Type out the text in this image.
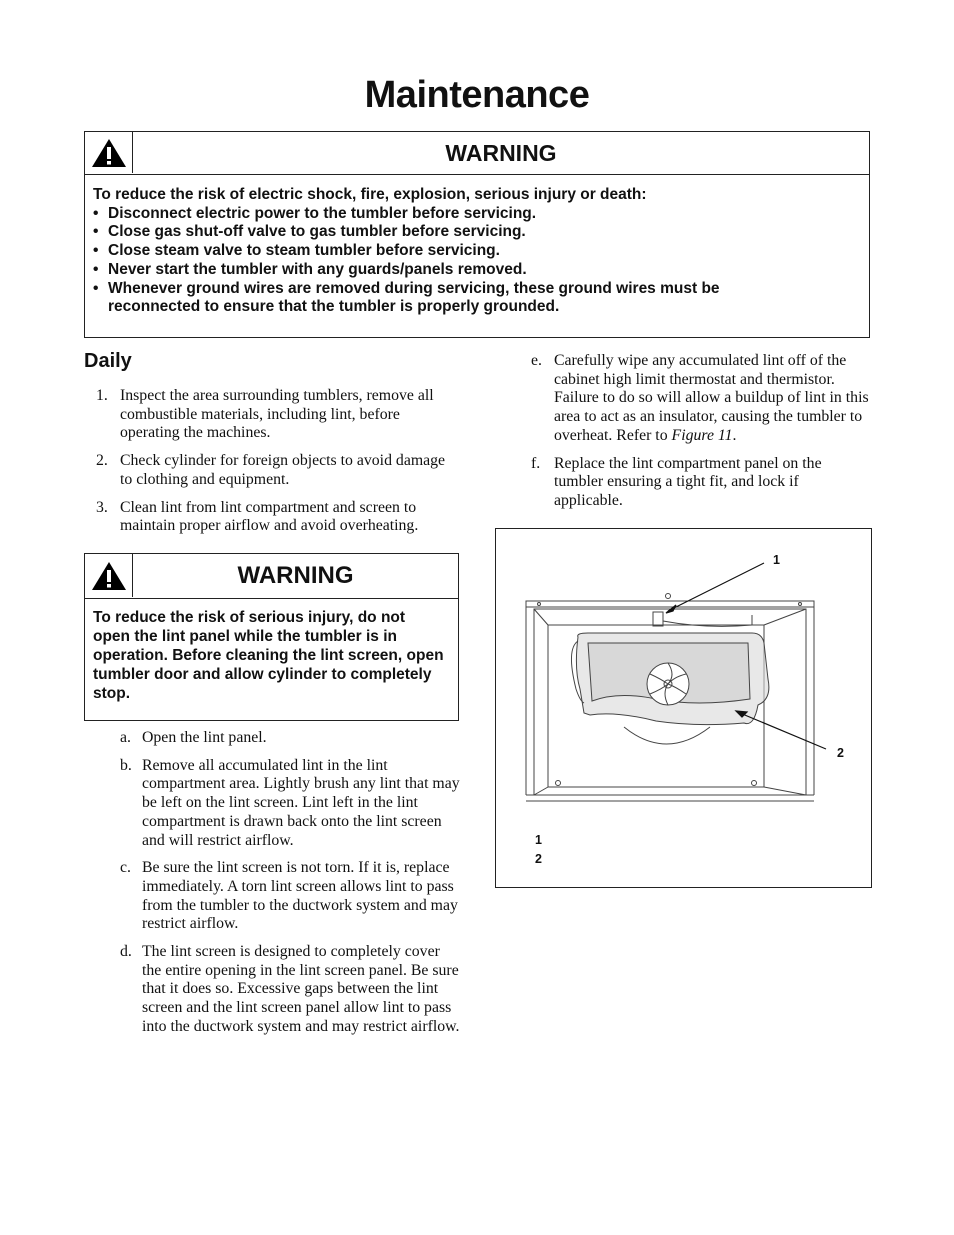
Maintenance
WARNING
To reduce the risk of electric shock, fire, explosion, serious injury or death:
• Disconnect electric power to the tumbler before servicing.
• Close gas shut-off valve to gas tumbler before servicing.
• Close steam valve to steam tumbler before servicing.
• Never start the tumbler with any guards/panels removed.
• Whenever ground wires are removed during servicing, these ground wires must be reconnected to ensure that the tumbler is properly grounded.
Daily
1. Inspect the area surrounding tumblers, remove all combustible materials, including lint, before operating the machines.
2. Check cylinder for foreign objects to avoid damage to clothing and equipment.
3. Clean lint from lint compartment and screen to maintain proper airflow and avoid overheating.
WARNING
To reduce the risk of serious injury, do not open the lint panel while the tumbler is in operation. Before cleaning the lint screen, open tumbler door and allow cylinder to completely stop.
a. Open the lint panel.
b. Remove all accumulated lint in the lint compartment area. Lightly brush any lint that may be left on the lint screen. Lint left in the lint compartment is drawn back onto the lint screen and will restrict airflow.
c. Be sure the lint screen is not torn. If it is, replace immediately. A torn lint screen allows lint to pass from the tumbler to the ductwork system and may restrict airflow.
d. The lint screen is designed to completely cover the entire opening in the lint screen panel. Be sure that it does so. Excessive gaps between the lint screen and the lint screen panel allow lint to pass into the ductwork system and may restrict airflow.
e. Carefully wipe any accumulated lint off of the cabinet high limit thermostat and thermistor. Failure to do so will allow a buildup of lint in this area to act as an insulator, causing the tumbler to overheat. Refer to Figure 11.
f. Replace the lint compartment panel on the tumbler ensuring a tight fit, and lock if applicable.
1
2
1
2
